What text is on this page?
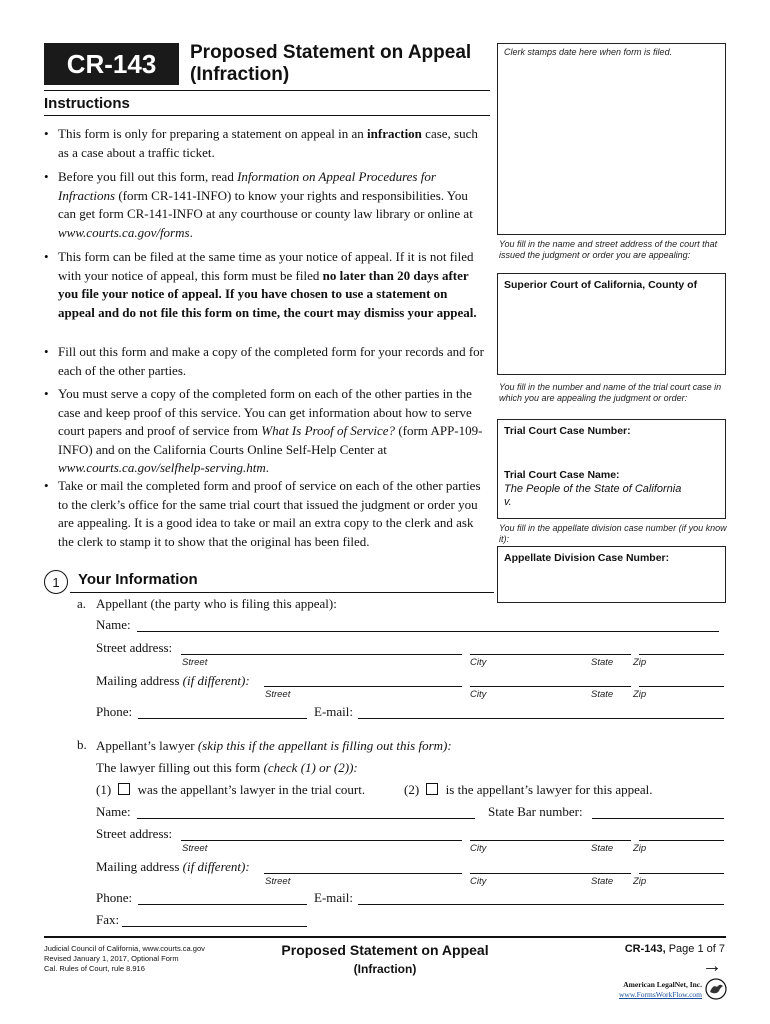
CR-143	Proposed Statement on Appeal
(Infraction)
Clerk stamps date here when form is filed.
Instructions
• This form is only for preparing a statement on appeal in an infraction case, such as a case about a traffic ticket.
• Before you fill out this form, read Information on Appeal Procedures for Infractions (form CR-141-INFO) to know your rights and responsibilities. You can get form CR-141-INFO at any courthouse or county law library or online at www.courts.ca.gov/forms.
• This form can be filed at the same time as your notice of appeal. If it is not filed with your notice of appeal, this form must be filed no later than 20 days after you file your notice of appeal. If you have chosen to use a statement on appeal and do not file this form on time, the court may dismiss your appeal.
• Fill out this form and make a copy of the completed form for your records and for each of the other parties.
• You must serve a copy of the completed form on each of the other parties in the case and keep proof of this service. You can get information about how to serve court papers and proof of service from What Is Proof of Service? (form APP-109-INFO) and on the California Courts Online Self-Help Center at www.courts.ca.gov/selfhelp-serving.htm.
• Take or mail the completed form and proof of service on each of the other parties to the clerk’s office for the same trial court that issued the judgment or order you are appealing. It is a good idea to take or mail an extra copy to the clerk and ask the clerk to stamp it to show that the original has been filed.
You fill in the name and street address of the court that issued the judgment or order you are appealing:
Superior Court of California, County of
You fill in the number and name of the trial court case in which you are appealing the judgment or order:
Trial Court Case Number:
Trial Court Case Name:
The People of the State of California
v.
You fill in the appellate division case number (if you know it):
Appellate Division Case Number:
1	Your Information
a. Appellant (the party who is filing this appeal):
Name:
Street address:
Street	City	State Zip
Mailing address (if different):
Street	City	State Zip
Phone:	E-mail:
b. Appellant’s lawyer (skip this if the appellant is filling out this form):
The lawyer filling out this form (check (1) or (2)):
(1) was the appellant’s lawyer in the trial court.	(2) is the appellant’s lawyer for this appeal.
Name:	State Bar number:
Street address:
Street	City	State Zip
Mailing address (if different):
Street	City	State Zip
Phone:	E-mail:
Fax:
Judicial Council of California, www.courts.ca.gov
Revised January 1, 2017, Optional Form
Cal. Rules of Court, rule 8.916
Proposed Statement on Appeal
(Infraction)
CR-143, Page 1 of 7
→
American LegalNet, Inc.
www.FormsWorkFlow.com
